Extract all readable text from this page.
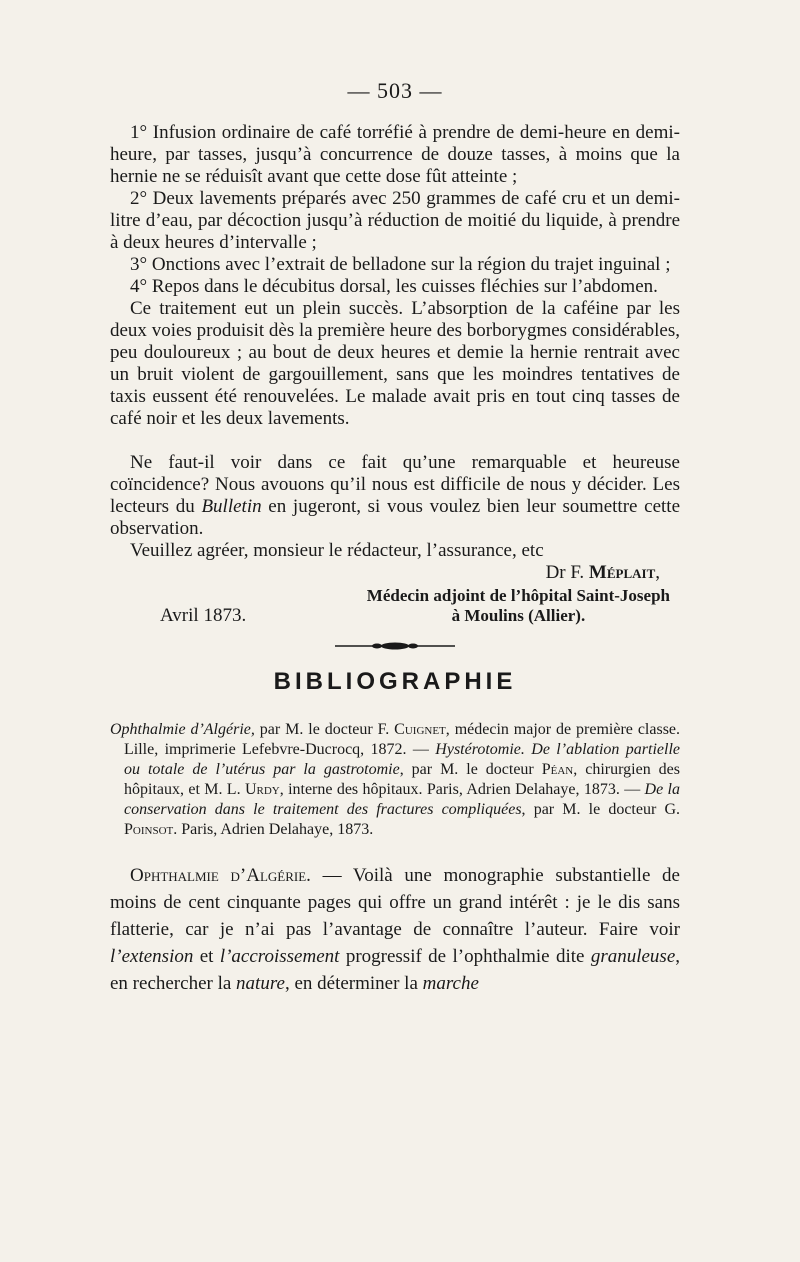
— 503 —

1° Infusion ordinaire de café torréfié à prendre de demi-heure en demi-heure, par tasses, jusqu’à concurrence de douze tasses, à moins que la hernie ne se réduisît avant que cette dose fût atteinte ;

2° Deux lavements préparés avec 250 grammes de café cru et un demi-litre d’eau, par décoction jusqu’à réduction de moitié du liquide, à prendre à deux heures d’intervalle ;

3° Onctions avec l’extrait de belladone sur la région du trajet inguinal ;

4° Repos dans le décubitus dorsal, les cuisses fléchies sur l’abdomen.

Ce traitement eut un plein succès. L’absorption de la caféine par les deux voies produisit dès la première heure des borborygmes considérables, peu douloureux ; au bout de deux heures et demie la hernie rentrait avec un bruit violent de gargouillement, sans que les moindres tentatives de taxis eussent été renouvelées. Le malade avait pris en tout cinq tasses de café noir et les deux lavements.

Ne faut-il voir dans ce fait qu’une remarquable et heureuse coïncidence? Nous avouons qu’il nous est difficile de nous y décider. Les lecteurs du Bulletin en jugeront, si vous voulez bien leur soumettre cette observation.

Veuillez agréer, monsieur le rédacteur, l’assurance, etc

Dr F. Méplait,
Avril 1873.
Médecin adjoint de l’hôpital Saint-Joseph
à Moulins (Allier).
BIBLIOGRAPHIE

Ophthalmie d’Algérie, par M. le docteur F. Cuignet, médecin major de première classe. Lille, imprimerie Lefebvre-Ducrocq, 1872. — Hystérotomie. De l’ablation partielle ou totale de l’utérus par la gastrotomie, par M. le docteur Péan, chirurgien des hôpitaux, et M. L. Urdy, interne des hôpitaux. Paris, Adrien Delahaye, 1873. — De la conservation dans le traitement des fractures compliquées, par M. le docteur G. Poinsot. Paris, Adrien Delahaye, 1873.

Ophthalmie d’Algérie. — Voilà une monographie substantielle de moins de cent cinquante pages qui offre un grand intérêt : je le dis sans flatterie, car je n’ai pas l’avantage de connaître l’auteur. Faire voir l’extension et l’accroissement progressif de l’ophthalmie dite granuleuse, en rechercher la nature, en déterminer la marche
